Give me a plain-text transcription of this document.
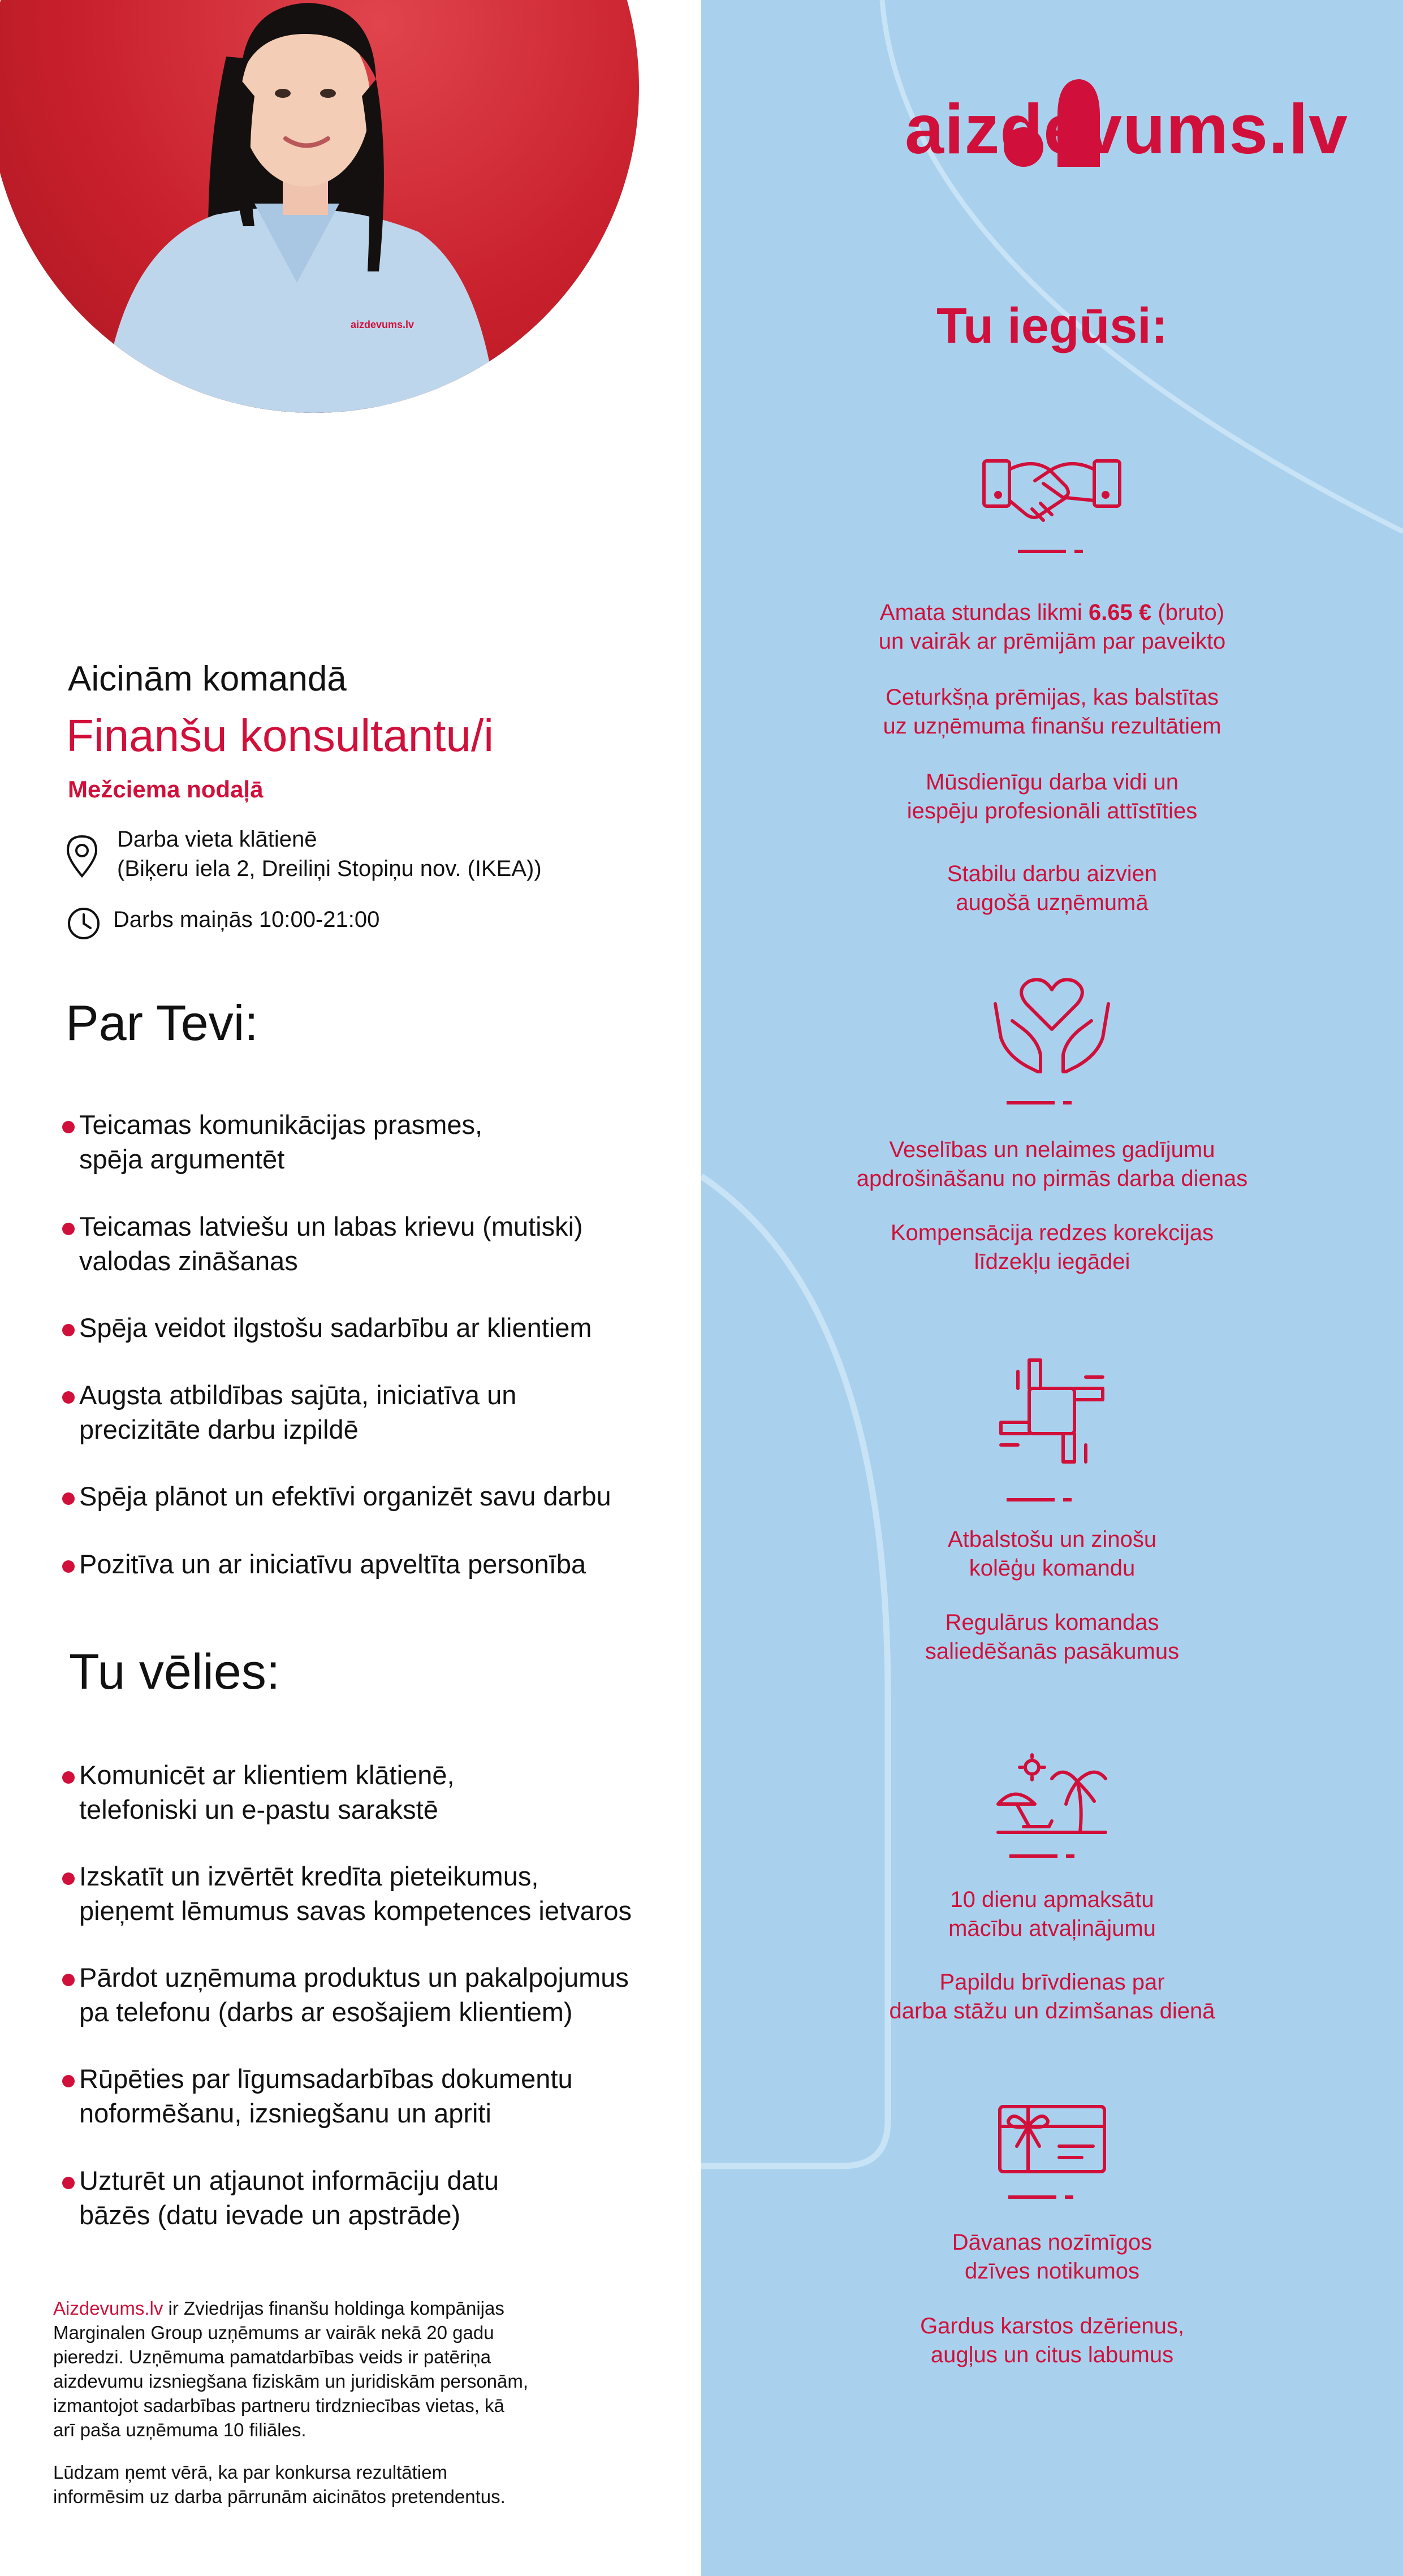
aizdevums.lv
aizdevums.lv
Tu iegūsi:
Amata stundas likmi 6.65 € (bruto)
un vairāk ar prēmijām par paveikto
Ceturkšņa prēmijas, kas balstītas
uz uzņēmuma finanšu rezultātiem
Mūsdienīgu darba vidi un
iespēju profesionāli attīstīties
Stabilu darbu aizvien
augošā uzņēmumā
Veselības un nelaimes gadījumu
apdrošināšanu no pirmās darba dienas
Kompensācija redzes korekcijas
līdzekļu iegādei
Atbalstošu un zinošu
kolēģu komandu
Regulārus komandas
saliedēšanās pasākumus
10 dienu apmaksātu
mācību atvaļinājumu
Papildu brīvdienas par
darba stāžu un dzimšanas dienā
Dāvanas nozīmīgos
dzīves notikumos
Gardus karstos dzērienus,
augļus un citus labumus
Aicinām komandā
Finanšu konsultantu/i
Mežciema nodaļā
Darba vieta klātienē
(Biķeru iela 2, Dreiliņi Stopiņu nov. (IKEA))
Darbs maiņās 10:00-21:00
Par Tevi:
Teicamas komunikācijas prasmes,
spēja argumentēt
Teicamas latviešu un labas krievu (mutiski)
valodas zināšanas
Spēja veidot ilgstošu sadarbību ar klientiem
Augsta atbildības sajūta, iniciatīva un
precizitāte darbu izpildē
Spēja plānot un efektīvi organizēt savu darbu
Pozitīva un ar iniciatīvu apveltīta personība
Tu vēlies:
Komunicēt ar klientiem klātienē,
telefoniski un e-pastu sarakstē
Izskatīt un izvērtēt kredīta pieteikumus,
pieņemt lēmumus savas kompetences ietvaros
Pārdot uzņēmuma produktus un pakalpojumus
pa telefonu (darbs ar esošajiem klientiem)
Rūpēties par līgumsadarbības dokumentu
noformēšanu, izsniegšanu un apriti
Uzturēt un atjaunot informāciju datu
bāzēs (datu ievade un apstrāde)
Aizdevums.lv ir Zviedrijas finanšu holdinga kompānijas
Marginalen Group uzņēmums ar vairāk nekā 20 gadu
pieredzi. Uzņēmuma pamatdarbības veids ir patēriņa
aizdevumu izsniegšana fiziskām un juridiskām personām,
izmantojot sadarbības partneru tirdzniecības vietas, kā
arī paša uzņēmuma 10 filiāles.
Lūdzam ņemt vērā, ka par konkursa rezultātiem
informēsim uz darba pārrunām aicinātos pretendentus.
